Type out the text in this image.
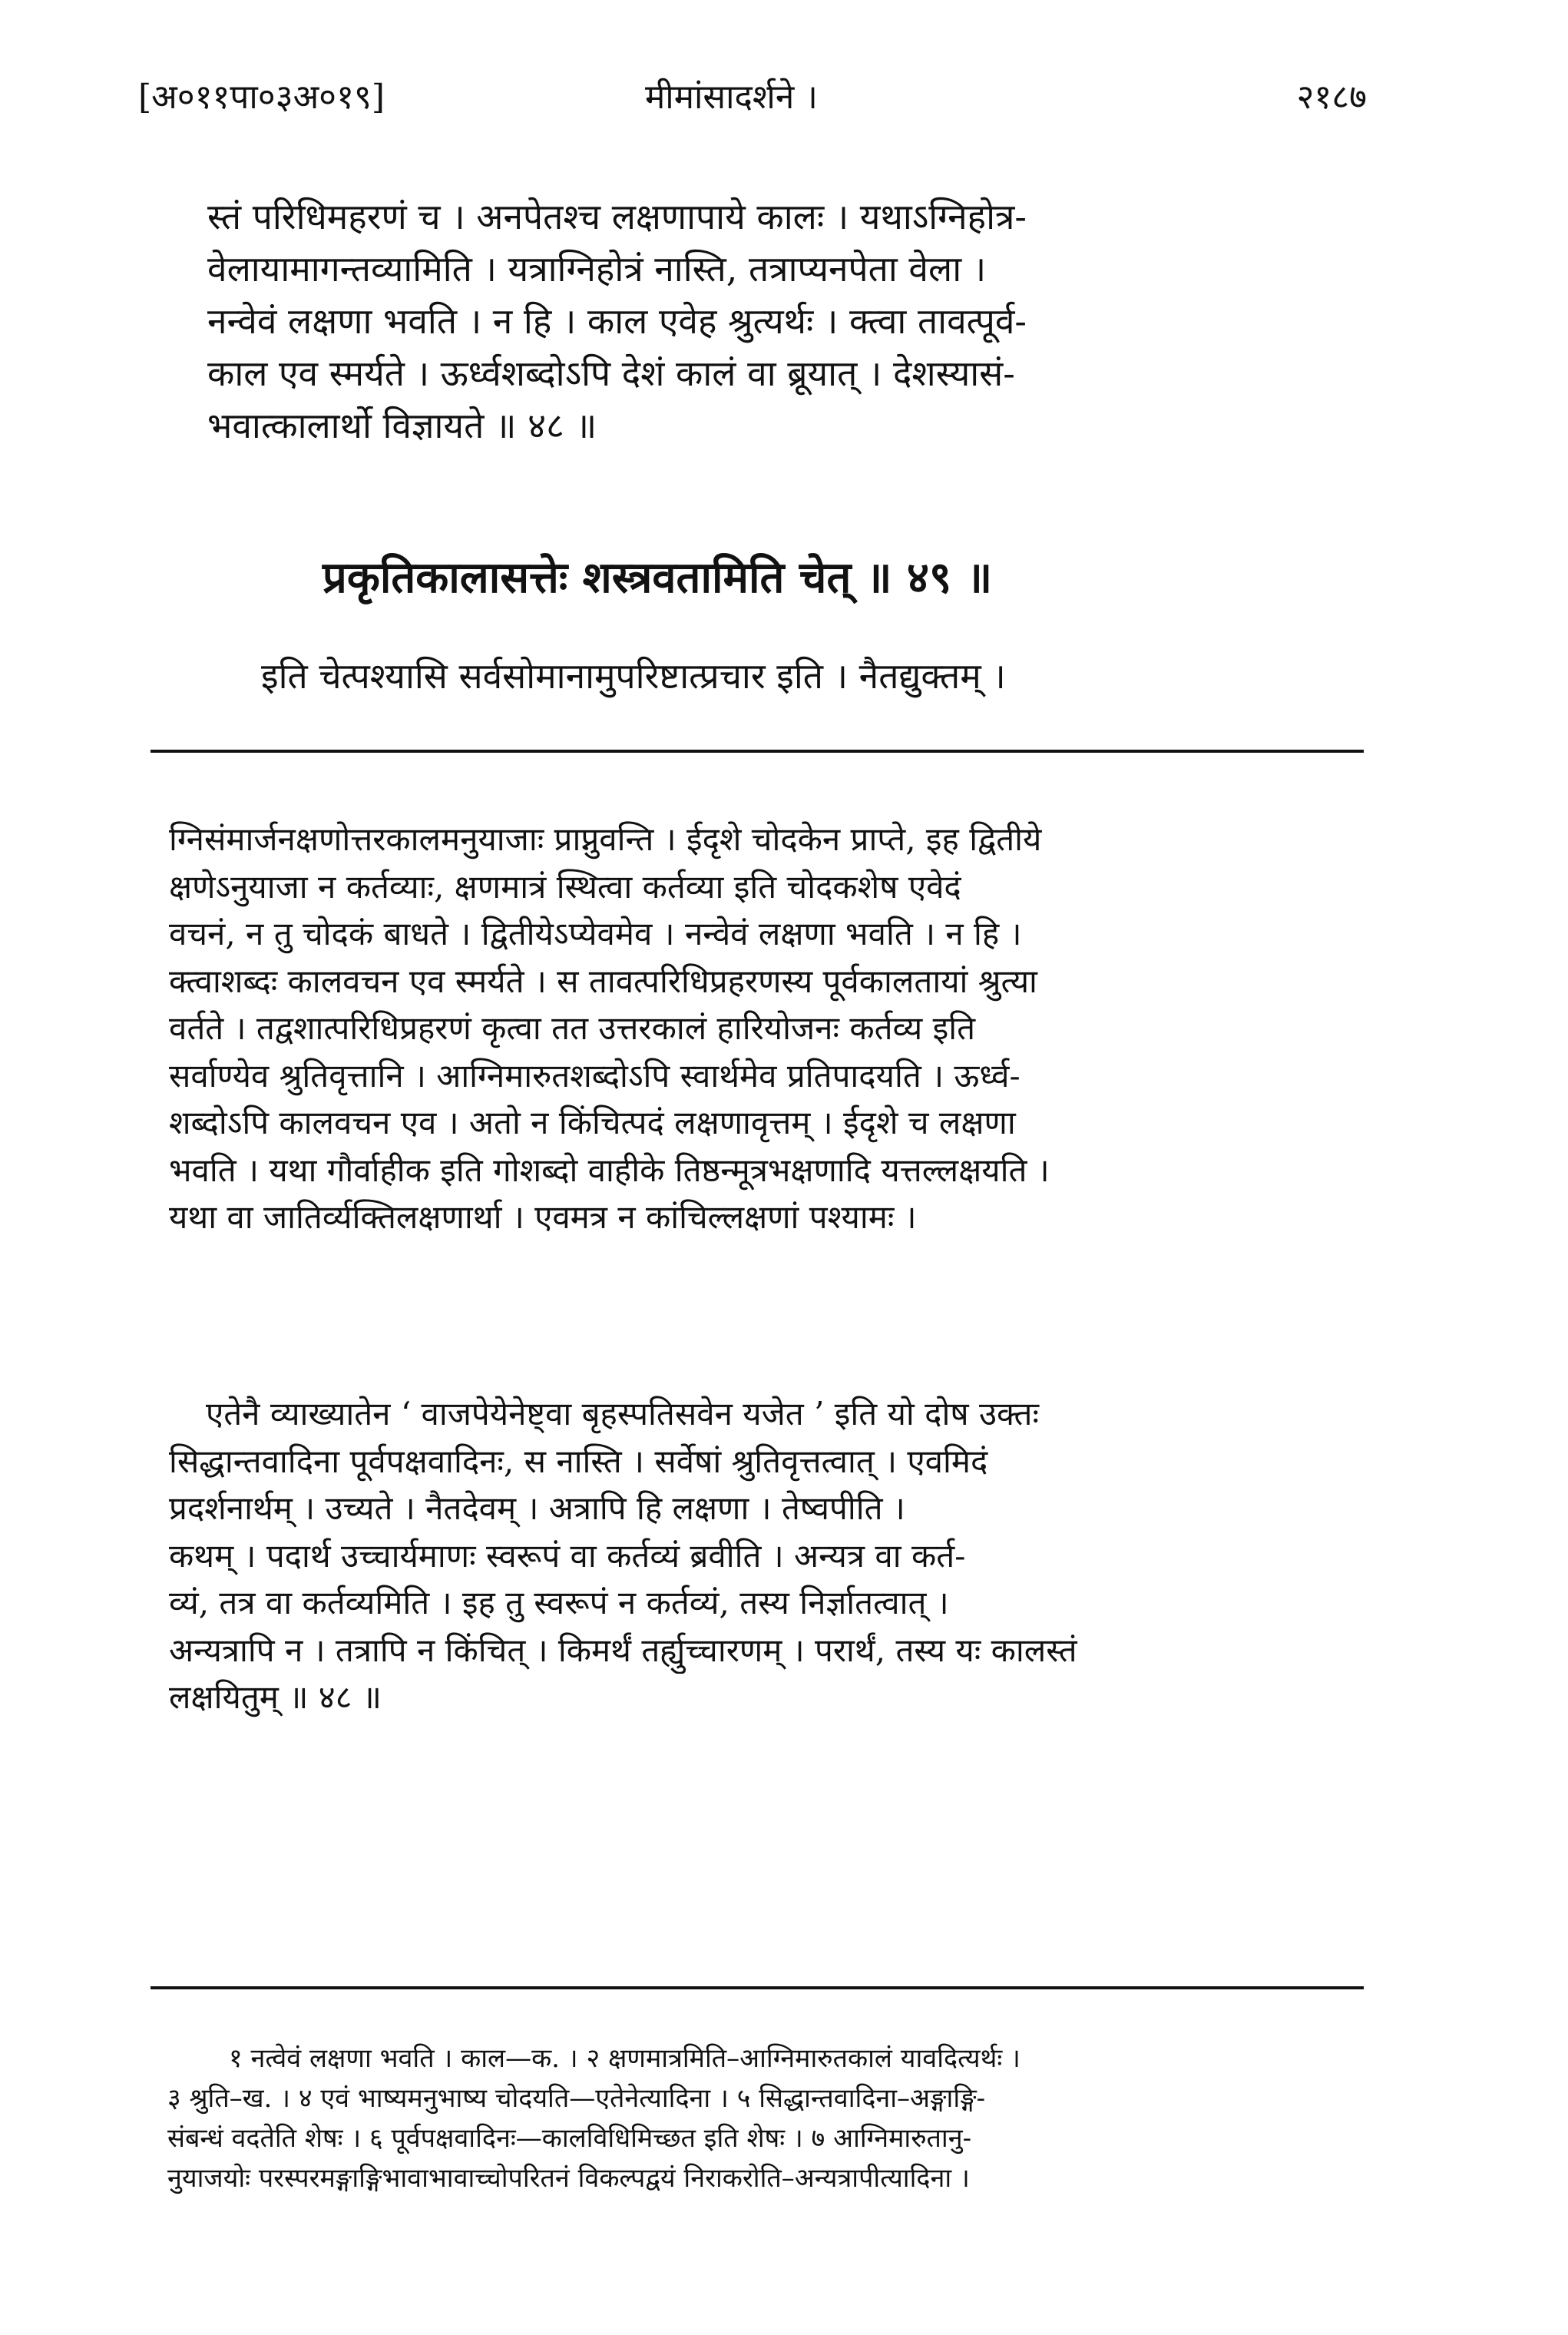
[अ०११पा०३अ०१९]	मीमांसादर्शने ।	२१८७
स्तं परिधिमहरणं च । अनपेतश्च लक्षणापाये कालः । यथाऽग्निहोत्र-
वेलायामागन्तव्यामिति । यत्राग्निहोत्रं नास्ति, तत्राप्यनपेता वेला ।
नन्वेवं लक्षणा भवति । न हि । काल एवेह श्रुत्यर्थः । क्त्वा तावत्पूर्व-
काल एव स्मर्यते । ऊर्ध्वशब्दोऽपि देशं कालं वा ब्रूयात् । देशस्यासं-
भवात्कालार्थो विज्ञायते ॥ ४८ ॥
प्रकृतिकालासत्तेः शस्त्रवतामिति चेत् ॥ ४९ ॥
इति चेत्पश्यासि सर्वसोमानामुपरिष्टात्प्रचार इति । नैतद्युक्तम् ।
ग्निसंमार्जनक्षणोत्तरकालमनुयाजाः प्राप्नुवन्ति । ईदृशे चोदकेन प्राप्ते, इह द्वितीये
क्षणेऽनुयाजा न कर्तव्याः, क्षणमात्रं स्थित्वा कर्तव्या इति चोदकशेष एवेदं
वचनं, न तु चोदकं बाधते । द्वितीयेऽप्येवमेव । नन्वेवं लक्षणा भवति । न हि ।
क्त्वाशब्दः कालवचन एव स्मर्यते । स तावत्परिधिप्रहरणस्य पूर्वकालतायां श्रुत्या
वर्तते । तद्वशात्परिधिप्रहरणं कृत्वा तत उत्तरकालं हारियोजनः कर्तव्य इति
सर्वाण्येव श्रुतिवृत्तानि । आग्निमारुतशब्दोऽपि स्वार्थमेव प्रतिपादयति । ऊर्ध्व-
शब्दोऽपि कालवचन एव । अतो न किंचित्पदं लक्षणावृत्तम् । ईदृशे च लक्षणा
भवति । यथा गौर्वाहीक इति गोशब्दो वाहीके तिष्ठन्मूत्रभक्षणादि यत्तल्लक्षयति ।
यथा वा जातिर्व्यक्तिलक्षणार्था । एवमत्र न कांचिल्लक्षणां पश्यामः ।
एतेनै व्याख्यातेन ‘ वाजपेयेनेष्ट्वा बृहस्पतिसवेन यजेत ’ इति यो दोष उक्तः
सिद्धान्तवादिना पूर्वपक्षवादिनः, स नास्ति । सर्वेषां श्रुतिवृत्तत्वात् । एवमिदं
प्रदर्शनार्थम् । उच्यते । नैतदेवम् । अत्रापि हि लक्षणा । तेष्वपीति ।
कथम् । पदार्थ उच्चार्यमाणः स्वरूपं वा कर्तव्यं ब्रवीति । अन्यत्र वा कर्त-
व्यं, तत्र वा कर्तव्यमिति । इह तु स्वरूपं न कर्तव्यं, तस्य निर्ज्ञातत्वात् ।
अन्यत्रापि न । तत्रापि न किंचित् । किमर्थं तर्ह्युच्चारणम् । परार्थं, तस्य यः कालस्तं
लक्षयितुम् ॥ ४८ ॥
१ नत्वेवं लक्षणा भवति । काल—क. । २ क्षणमात्रमिति–आग्निमारुतकालं यावदित्यर्थः ।
३ श्रुति–ख. । ४ एवं भाष्यमनुभाष्य चोदयति—एतेनेत्यादिना । ५ सिद्धान्तवादिना–अङ्गाङ्गि-
संबन्धं वदतेति शेषः । ६ पूर्वपक्षवादिनः—कालविधिमिच्छत इति शेषः । ७ आग्निमारुतानु-
नुयाजयोः परस्परमङ्गाङ्गिभावाभावाच्चोपरितनं विकल्पद्वयं निराकरोति–अन्यत्रापीत्यादिना ।
